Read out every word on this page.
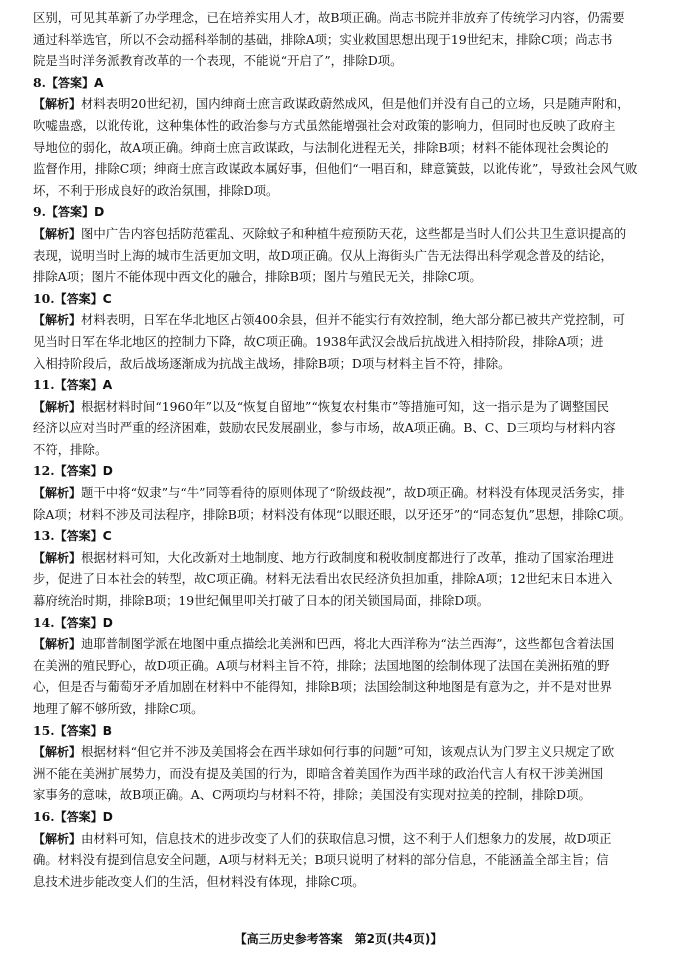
区别，可见其革新了办学理念，已在培养实用人才，故B项正确。尚志书院并非放弃了传统学习内容，仍需要
通过科举选官，所以不会动摇科举制的基础，排除A项；实业救国思想出现于19世纪末，排除C项；尚志书
院是当时洋务派教育改革的一个表现，不能说“开启了”，排除D项。
8.【答案】A
【解析】材料表明20世纪初，国内绅商士庶言政谋政蔚然成风，但是他们并没有自己的立场，只是随声附和，
吹嘘蛊惑，以讹传讹，这种集体性的政治参与方式虽然能增强社会对政策的影响力，但同时也反映了政府主
导地位的弱化，故A项正确。绅商士庶言政谋政，与法制化进程无关，排除B项；材料不能体现社会舆论的
监督作用，排除C项；绅商士庶言政谋政本属好事，但他们“一唱百和，肆意簧鼓，以讹传讹”，导致社会风气败
坏，不利于形成良好的政治氛围，排除D项。
9.【答案】D
【解析】图中广告内容包括防范霍乱、灭除蚊子和种植牛痘预防天花，这些都是当时人们公共卫生意识提高的
表现，说明当时上海的城市生活更加文明，故D项正确。仅从上海街头广告无法得出科学观念普及的结论，
排除A项；图片不能体现中西文化的融合，排除B项；图片与殖民无关，排除C项。
10.【答案】C
【解析】材料表明，日军在华北地区占领400余县，但并不能实行有效控制，绝大部分都已被共产党控制，可
见当时日军在华北地区的控制力下降，故C项正确。1938年武汉会战后抗战进入相持阶段，排除A项；进
入相持阶段后，敌后战场逐渐成为抗战主战场，排除B项；D项与材料主旨不符，排除。
11.【答案】A
【解析】根据材料时间“1960年”以及“恢复自留地”“恢复农村集市”等措施可知，这一指示是为了调整国民
经济以应对当时严重的经济困难，鼓励农民发展副业，参与市场，故A项正确。B、C、D三项均与材料内容
不符，排除。
12.【答案】D
【解析】题干中将“奴隶”与“牛”同等看待的原则体现了“阶级歧视”，故D项正确。材料没有体现灵活务实，排
除A项；材料不涉及司法程序，排除B项；材料没有体现“以眼还眼，以牙还牙”的“同态复仇”思想，排除C项。
13.【答案】C
【解析】根据材料可知，大化改新对土地制度、地方行政制度和税收制度都进行了改革，推动了国家治理进
步，促进了日本社会的转型，故C项正确。材料无法看出农民经济负担加重，排除A项；12世纪末日本进入
幕府统治时期，排除B项；19世纪佩里叩关打破了日本的闭关锁国局面，排除D项。
14.【答案】D
【解析】迪耶普制图学派在地图中重点描绘北美洲和巴西，将北大西洋称为“法兰西海”，这些都包含着法国
在美洲的殖民野心，故D项正确。A项与材料主旨不符，排除；法国地图的绘制体现了法国在美洲拓殖的野
心，但是否与葡萄牙矛盾加剧在材料中不能得知，排除B项；法国绘制这种地图是有意为之，并不是对世界
地理了解不够所致，排除C项。
15.【答案】B
【解析】根据材料“但它并不涉及美国将会在西半球如何行事的问题”可知，该观点认为门罗主义只规定了欧
洲不能在美洲扩展势力，而没有提及美国的行为，即暗含着美国作为西半球的政治代言人有权干涉美洲国
家事务的意味，故B项正确。A、C两项均与材料不符，排除；美国没有实现对拉美的控制，排除D项。
16.【答案】D
【解析】由材料可知，信息技术的进步改变了人们的获取信息习惯，这不利于人们想象力的发展，故D项正
确。材料没有提到信息安全问题，A项与材料无关；B项只说明了材料的部分信息，不能涵盖全部主旨；信
息技术进步能改变人们的生活，但材料没有体现，排除C项。
【高三历史参考答案　第2页(共4页)】
